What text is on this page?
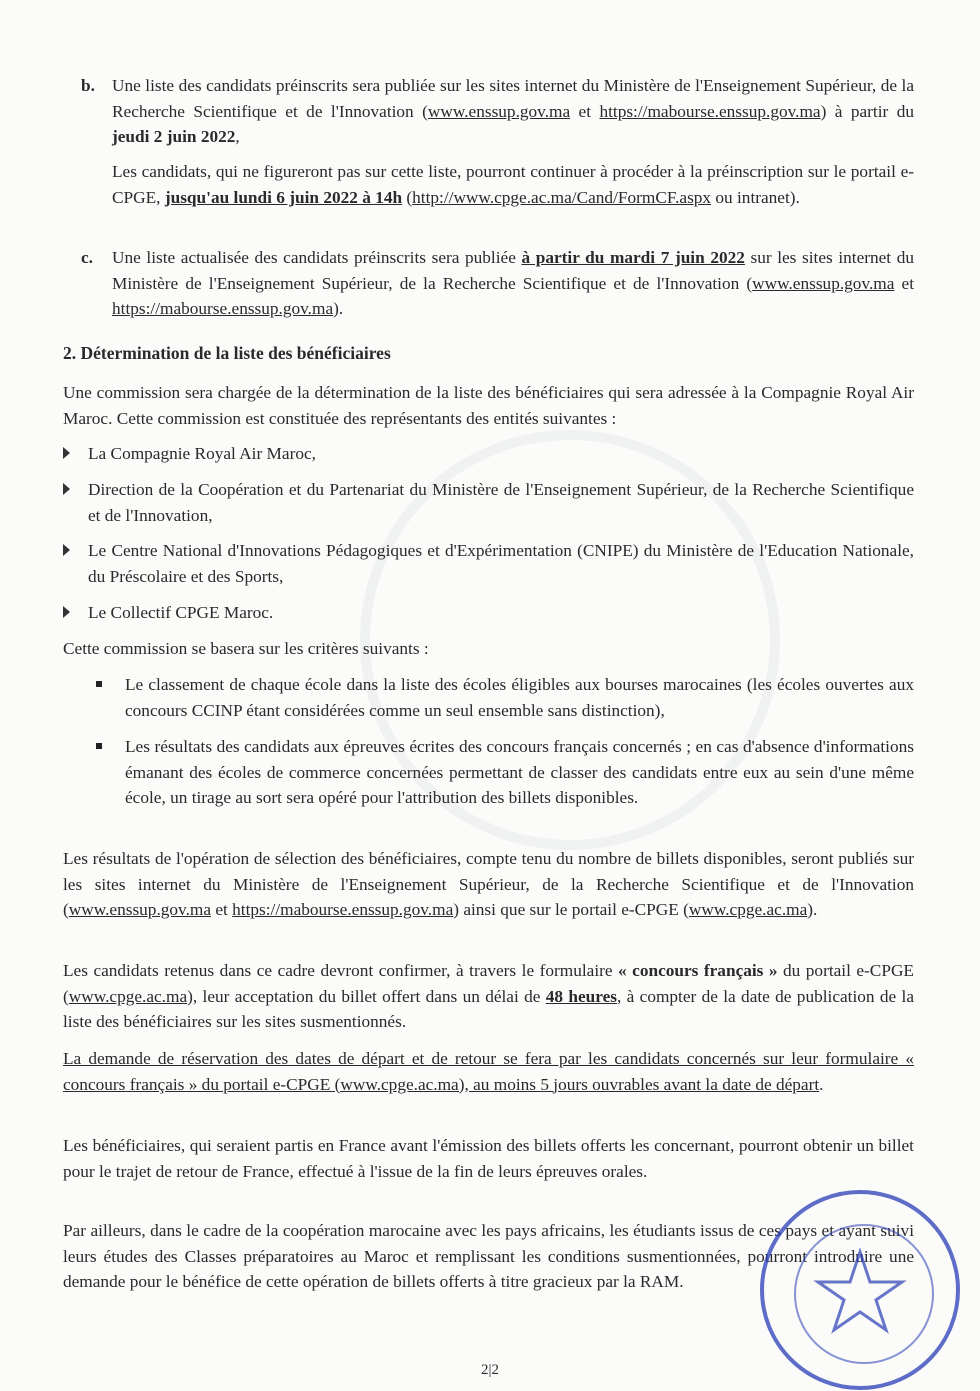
b. Une liste des candidats préinscrits sera publiée sur les sites internet du Ministère de l'Enseignement Supérieur, de la Recherche Scientifique et de l'Innovation (www.enssup.gov.ma et https://mabourse.enssup.gov.ma) à partir du jeudi 2 juin 2022,

Les candidats, qui ne figureront pas sur cette liste, pourront continuer à procéder à la préinscription sur le portail e-CPGE, jusqu'au lundi 6 juin 2022 à 14h (http://www.cpge.ac.ma/Cand/FormCF.aspx ou intranet).

c. Une liste actualisée des candidats préinscrits sera publiée à partir du mardi 7 juin 2022 sur les sites internet du Ministère de l'Enseignement Supérieur, de la Recherche Scientifique et de l'Innovation (www.enssup.gov.ma et https://mabourse.enssup.gov.ma).

2. Détermination de la liste des bénéficiaires

Une commission sera chargée de la détermination de la liste des bénéficiaires qui sera adressée à la Compagnie Royal Air Maroc. Cette commission est constituée des représentants des entités suivantes :

La Compagnie Royal Air Maroc,

Direction de la Coopération et du Partenariat du Ministère de l'Enseignement Supérieur, de la Recherche Scientifique et de l'Innovation,

Le Centre National d'Innovations Pédagogiques et d'Expérimentation (CNIPE) du Ministère de l'Education Nationale, du Préscolaire et des Sports,

Le Collectif CPGE Maroc.

Cette commission se basera sur les critères suivants :

Le classement de chaque école dans la liste des écoles éligibles aux bourses marocaines (les écoles ouvertes aux concours CCINP étant considérées comme un seul ensemble sans distinction),

Les résultats des candidats aux épreuves écrites des concours français concernés ; en cas d'absence d'informations émanant des écoles de commerce concernées permettant de classer des candidats entre eux au sein d'une même école, un tirage au sort sera opéré pour l'attribution des billets disponibles.

Les résultats de l'opération de sélection des bénéficiaires, compte tenu du nombre de billets disponibles, seront publiés sur les sites internet du Ministère de l'Enseignement Supérieur, de la Recherche Scientifique et de l'Innovation (www.enssup.gov.ma et https://mabourse.enssup.gov.ma) ainsi que sur le portail e-CPGE (www.cpge.ac.ma).

Les candidats retenus dans ce cadre devront confirmer, à travers le formulaire « concours français » du portail e-CPGE (www.cpge.ac.ma), leur acceptation du billet offert dans un délai de 48 heures, à compter de la date de publication de la liste des bénéficiaires sur les sites susmentionnés.

La demande de réservation des dates de départ et de retour se fera par les candidats concernés sur leur formulaire « concours français » du portail e-CPGE (www.cpge.ac.ma), au moins 5 jours ouvrables avant la date de départ.

Les bénéficiaires, qui seraient partis en France avant l'émission des billets offerts les concernant, pourront obtenir un billet pour le trajet de retour de France, effectué à l'issue de la fin de leurs épreuves orales.

Par ailleurs, dans le cadre de la coopération marocaine avec les pays africains, les étudiants issus de ces pays et ayant suivi leurs études des Classes préparatoires au Maroc et remplissant les conditions susmentionnées, pourront introduire une demande pour le bénéfice de cette opération de billets offerts à titre gracieux par la RAM.

2|2
